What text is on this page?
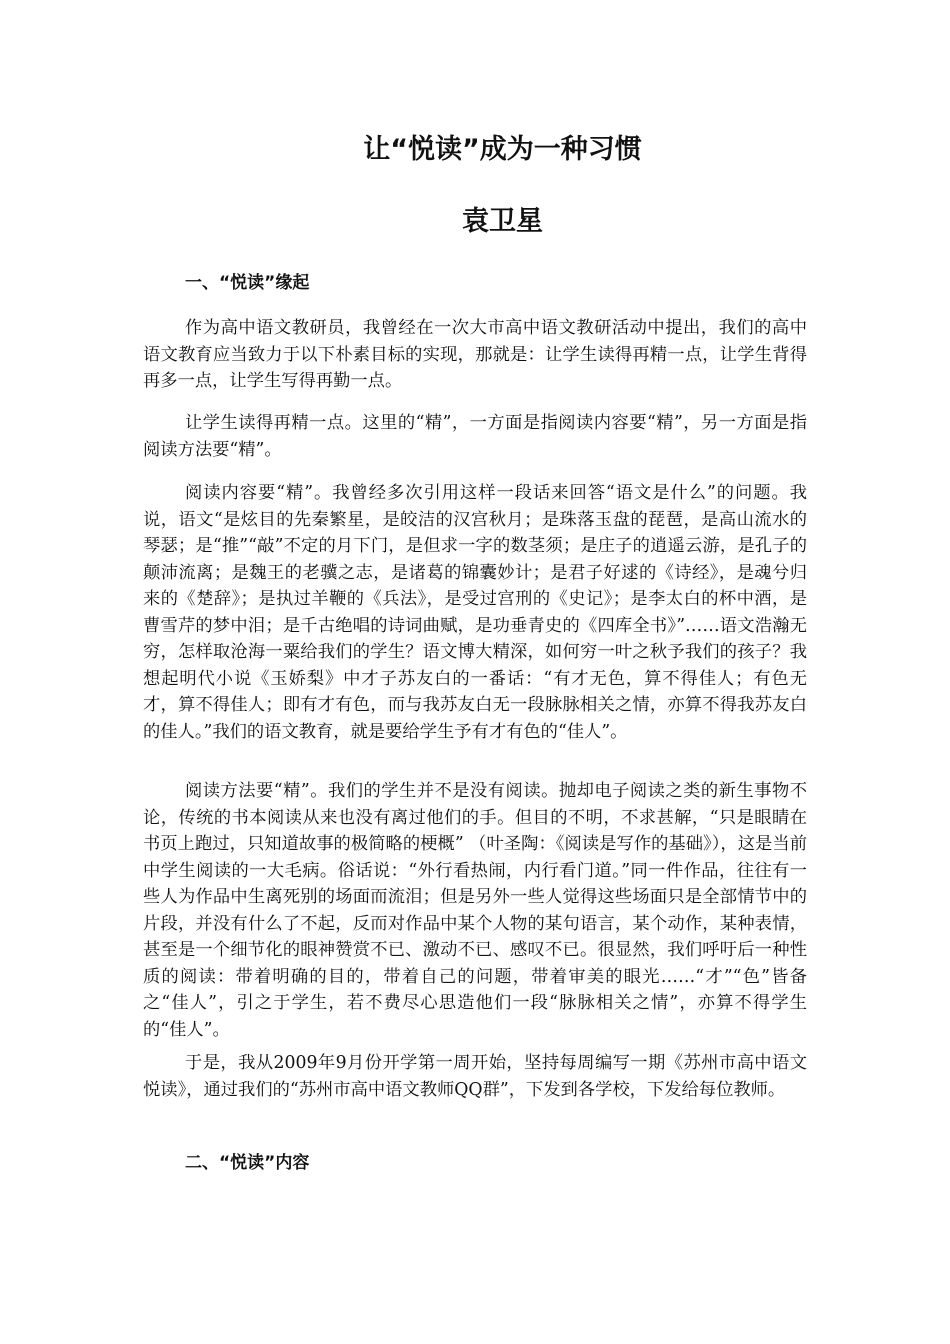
让“悦读”成为一种习惯
袁卫星
一、“悦读”缘起

作为高中语文教研员，我曾经在一次大市高中语文教研活动中提出，我们的高中语文教育应当致力于以下朴素目标的实现，那就是：让学生读得再精一点，让学生背得再多一点，让学生写得再勤一点。

让学生读得再精一点。这里的“精”，一方面是指阅读内容要“精”，另一方面是指阅读方法要“精”。

阅读内容要“精”。我曾经多次引用这样一段话来回答“语文是什么”的问题。我说，语文“是炫目的先秦繁星，是皎洁的汉宫秋月；是珠落玉盘的琵琶，是高山流水的琴瑟；是“推”“敲”不定的月下门，是但求一字的数茎须；是庄子的逍遥云游，是孔子的颠沛流离；是魏王的老骥之志，是诸葛的锦囊妙计；是君子好逑的《诗经》，是魂兮归来的《楚辞》；是执过羊鞭的《兵法》，是受过宫刑的《史记》；是李太白的杯中酒，是曹雪芹的梦中泪；是千古绝唱的诗词曲赋，是功垂青史的《四库全书》”……语文浩瀚无穷，怎样取沧海一粟给我们的学生？语文博大精深，如何穷一叶之秋予我们的孩子？我想起明代小说《玉娇梨》中才子苏友白的一番话：“有才无色，算不得佳人；有色无才，算不得佳人；即有才有色，而与我苏友白无一段脉脉相关之情，亦算不得我苏友白的佳人。”我们的语文教育，就是要给学生予有才有色的“佳人”。

阅读方法要“精”。我们的学生并不是没有阅读。抛却电子阅读之类的新生事物不论，传统的书本阅读从来也没有离过他们的手。但目的不明，不求甚解，“只是眼睛在书页上跑过，只知道故事的极简略的梗概” （叶圣陶：《阅读是写作的基础》），这是当前中学生阅读的一大毛病。俗话说：“外行看热闹，内行看门道。”同一件作品，往往有一些人为作品中生离死别的场面而流泪；但是另外一些人觉得这些场面只是全部情节中的片段，并没有什么了不起，反而对作品中某个人物的某句语言，某个动作，某种表情，甚至是一个细节化的眼神赞赏不已、激动不已、感叹不已。很显然，我们呼吁后一种性质的阅读：带着明确的目的，带着自己的问题，带着审美的眼光……“才”“色”皆备之“佳人”，引之于学生，若不费尽心思造他们一段“脉脉相关之情”，亦算不得学生的“佳人”。

于是，我从2009年9月份开学第一周开始，坚持每周编写一期《苏州市高中语文悦读》，通过我们的“苏州市高中语文教师QQ群”，下发到各学校，下发给每位教师。

二、“悦读”内容
